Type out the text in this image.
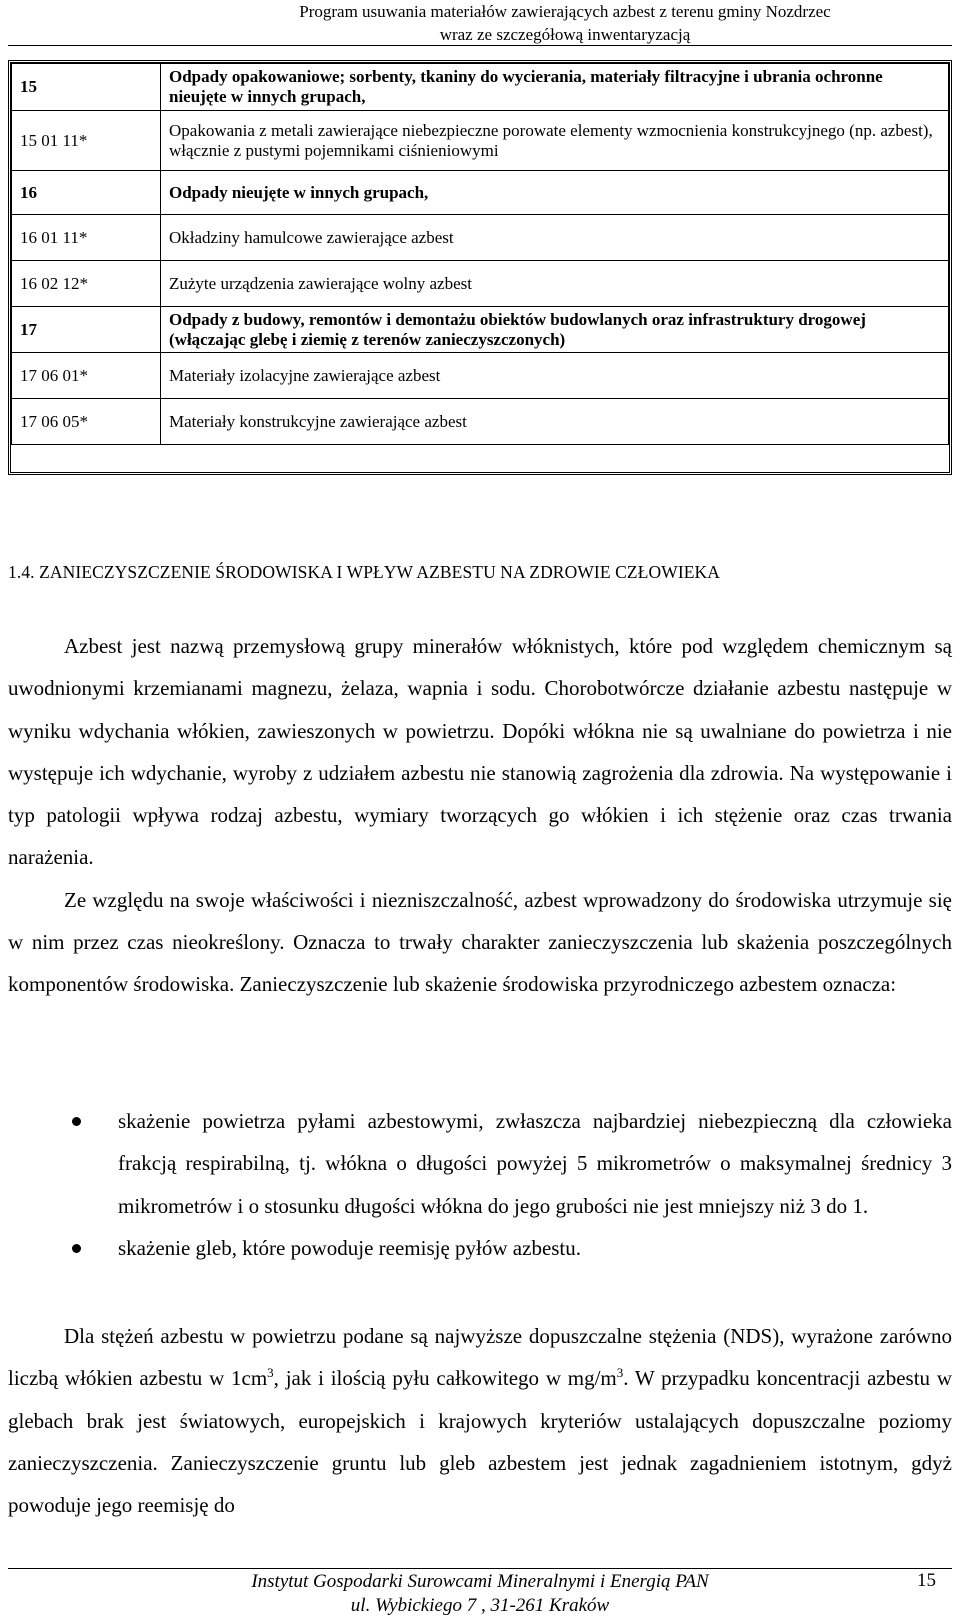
Program usuwania materiałów zawierających azbest z terenu gminy Nozdrzec
wraz ze szczegółową inwentaryzacją
15	Odpady opakowaniowe; sorbenty, tkaniny do wycierania, materiały filtracyjne i ubrania ochronne nieujęte w innych grupach,
15 01 11*	Opakowania z metali zawierające niebezpieczne porowate elementy wzmocnienia konstrukcyjnego (np. azbest), włącznie z pustymi pojemnikami ciśnieniowymi
16	Odpady nieujęte w innych grupach,
16 01 11*	Okładziny hamulcowe zawierające azbest
16 02 12*	Zużyte urządzenia zawierające wolny azbest
17	Odpady z budowy, remontów i demontażu obiektów budowlanych oraz infrastruktury drogowej (włączając glebę i ziemię z terenów zanieczyszczonych)
17 06 01*	Materiały izolacyjne zawierające azbest
17 06 05*	Materiały konstrukcyjne zawierające azbest
1.4. ZANIECZYSZCZENIE ŚRODOWISKA I WPŁYW AZBESTU NA ZDROWIE CZŁOWIEKA
Azbest jest nazwą przemysłową grupy minerałów włóknistych, które pod względem chemicznym są uwodnionymi krzemianami magnezu, żelaza, wapnia i sodu. Chorobotwórcze działanie azbestu następuje w wyniku wdychania włókien, zawieszonych w powietrzu. Dopóki włókna nie są uwalniane do powietrza i nie występuje ich wdychanie, wyroby z udziałem azbestu nie stanowią zagrożenia dla zdrowia. Na występowanie i typ patologii wpływa rodzaj azbestu, wymiary tworzących go włókien i ich stężenie oraz czas trwania narażenia.
Ze względu na swoje właściwości i niezniszczalność, azbest wprowadzony do środowiska utrzymuje się w nim przez czas nieokreślony. Oznacza to trwały charakter zanieczyszczenia lub skażenia poszczególnych komponentów środowiska. Zanieczyszczenie lub skażenie środowiska przyrodniczego azbestem oznacza:
skażenie powietrza pyłami azbestowymi, zwłaszcza najbardziej niebezpieczną dla człowieka frakcją respirabilną, tj. włókna o długości powyżej 5 mikrometrów o maksymalnej średnicy 3 mikrometrów i o stosunku długości włókna do jego grubości nie jest mniejszy niż 3 do 1.
skażenie gleb, które powoduje reemisję pyłów azbestu.
Dla stężeń azbestu w powietrzu podane są najwyższe dopuszczalne stężenia (NDS), wyrażone zarówno liczbą włókien azbestu w $1cm^3$, jak i ilością pyłu całkowitego w $mg/m^3$. W przypadku koncentracji azbestu w glebach brak jest światowych, europejskich i krajowych kryteriów ustalających dopuszczalne poziomy zanieczyszczenia. Zanieczyszczenie gruntu lub gleb azbestem jest jednak zagadnieniem istotnym, gdyż powoduje jego reemisję do
Instytut Gospodarki Surowcami Mineralnymi i Energią PAN
ul. Wybickiego 7 , 31-261 Kraków
15
